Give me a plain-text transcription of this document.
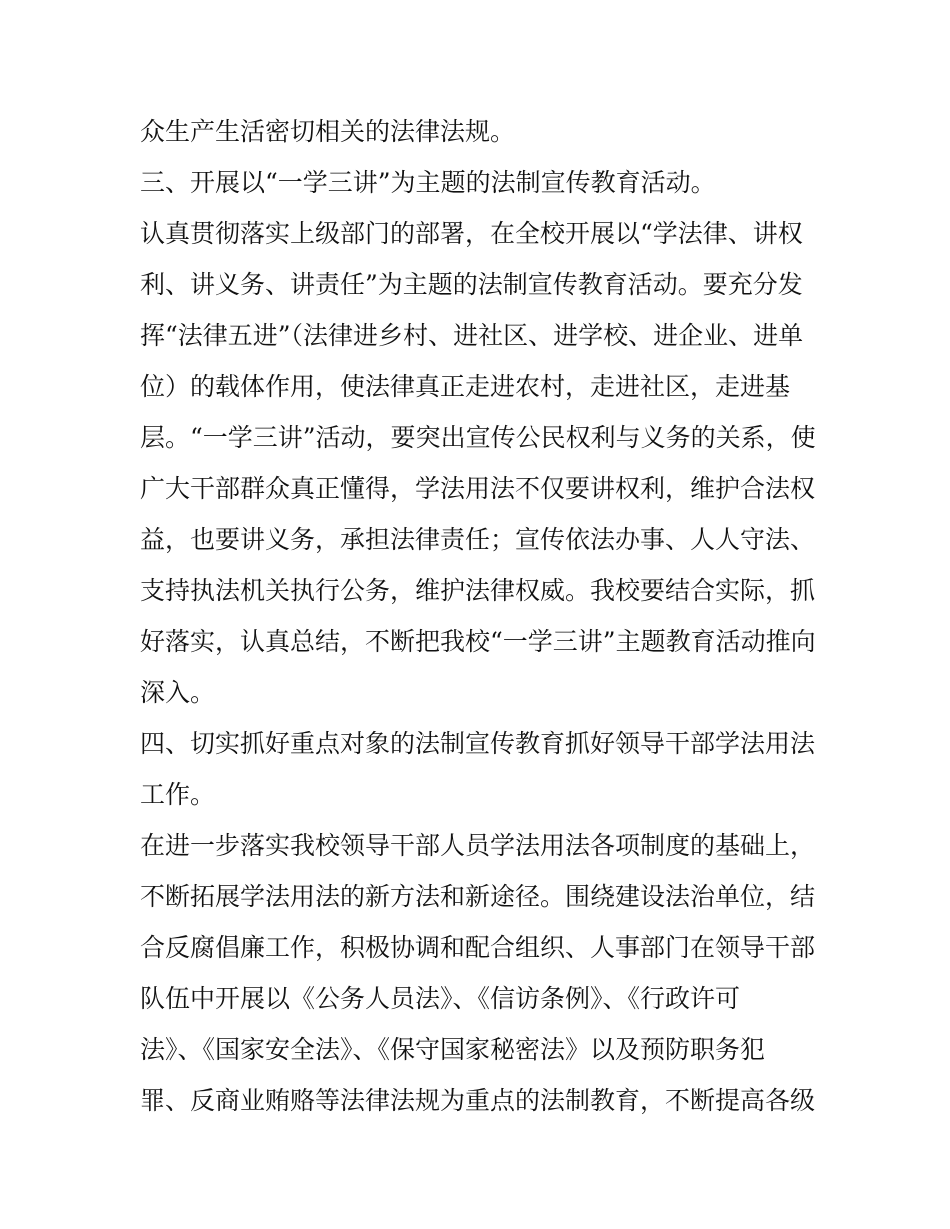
众生产生活密切相关的法律法规。
三、开展以“一学三讲”为主题的法制宣传教育活动。
认真贯彻落实上级部门的部署，在全校开展以“学法律、讲权
利、讲义务、讲责任”为主题的法制宣传教育活动。要充分发
挥“法律五进”（法律进乡村、进社区、进学校、进企业、进单
位）的载体作用，使法律真正走进农村，走进社区，走进基
层。“一学三讲”活动，要突出宣传公民权利与义务的关系，使
广大干部群众真正懂得，学法用法不仅要讲权利，维护合法权
益，也要讲义务，承担法律责任；宣传依法办事、人人守法、
支持执法机关执行公务，维护法律权威。我校要结合实际，抓
好落实，认真总结，不断把我校“一学三讲”主题教育活动推向
深入。
四、切实抓好重点对象的法制宣传教育抓好领导干部学法用法
工作。
在进一步落实我校领导干部人员学法用法各项制度的基础上，
不断拓展学法用法的新方法和新途径。围绕建设法治单位，结
合反腐倡廉工作，积极协调和配合组织、人事部门在领导干部
队伍中开展以《公务人员法》、《信访条例》、《行政许可
法》、《国家安全法》、《保守国家秘密法》以及预防职务犯
罪、反商业贿赂等法律法规为重点的法制教育，不断提高各级
